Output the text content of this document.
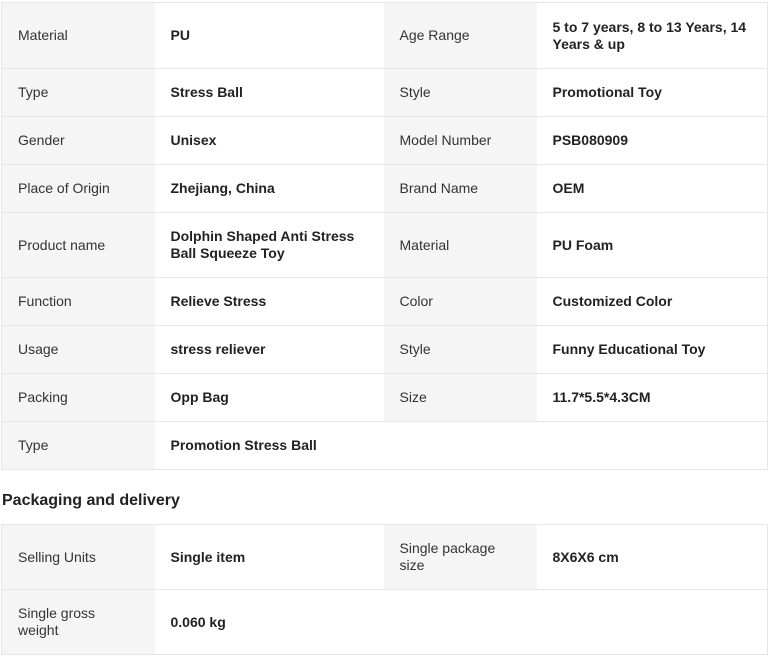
Material	PU	Age Range	5 to 7 years, 8 to 13 Years, 14 Years & up
Type	Stress Ball	Style	Promotional Toy
Gender	Unisex	Model Number	PSB080909
Place of Origin	Zhejiang, China	Brand Name	OEM
Product name	Dolphin Shaped Anti Stress Ball Squeeze Toy	Material	PU Foam
Function	Relieve Stress	Color	Customized Color
Usage	stress reliever	Style	Funny Educational Toy
Packing	Opp Bag	Size	11.7*5.5*4.3CM
Type	Promotion Stress Ball		
Packaging and delivery
Selling Units	Single item	Single package size	8X6X6 cm
Single gross weight	0.060 kg		
